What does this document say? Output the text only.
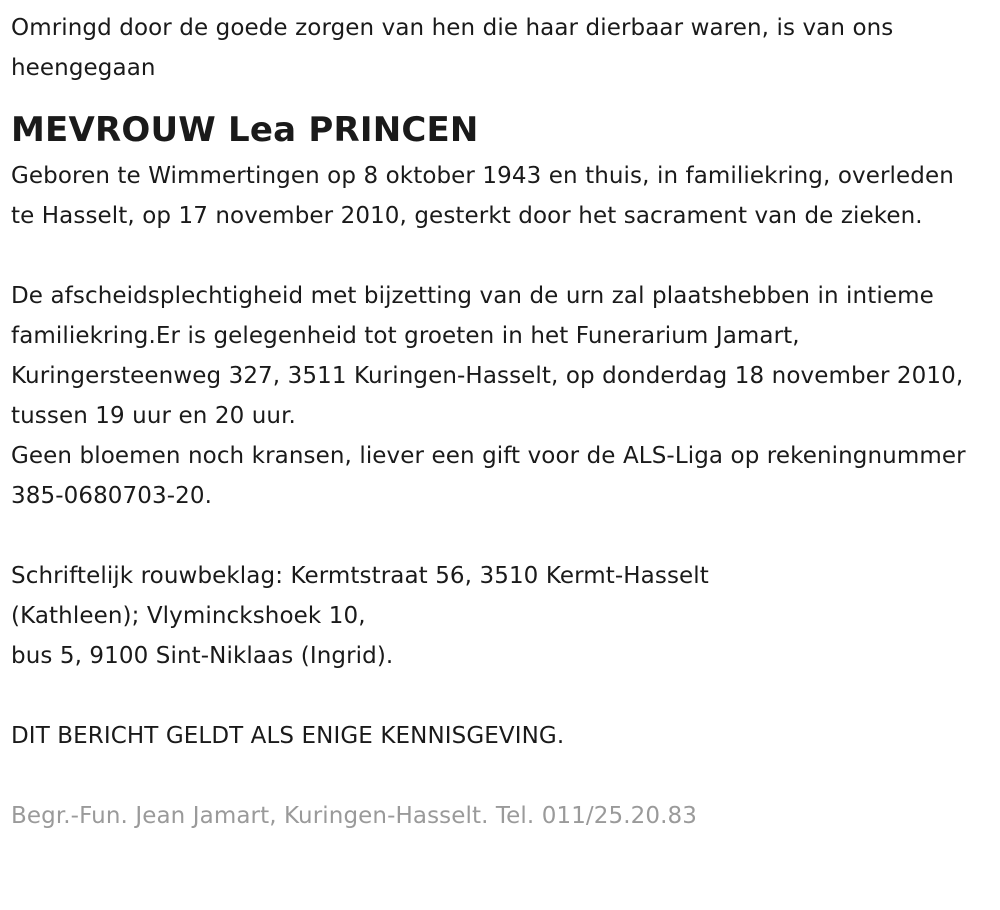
Omringd door de goede zorgen van hen die haar dierbaar waren, is van ons heengegaan

MEVROUW Lea PRINCEN

Geboren te Wimmertingen op 8 oktober 1943 en thuis, in familiekring, overleden te Hasselt, op 17 november 2010, gesterkt door het sacrament van de zieken.

De afscheidsplechtigheid met bijzetting van de urn zal plaatshebben in intieme familiekring.Er is gelegenheid tot groeten in het Funerarium Jamart, Kuringersteenweg 327, 3511 Kuringen-Hasselt, op donderdag 18 november 2010, tussen 19 uur en 20 uur.

Geen bloemen noch kransen, liever een gift voor de ALS-Liga op rekeningnummer 385-0680703-20.

Schriftelijk rouwbeklag: Kermtstraat 56, 3510 Kermt-Hasselt

(Kathleen); Vlyminckshoek 10,

bus 5, 9100 Sint-Niklaas (Ingrid).

DIT BERICHT GELDT ALS ENIGE KENNISGEVING.

Begr.-Fun. Jean Jamart, Kuringen-Hasselt. Tel. 011/25.20.83
